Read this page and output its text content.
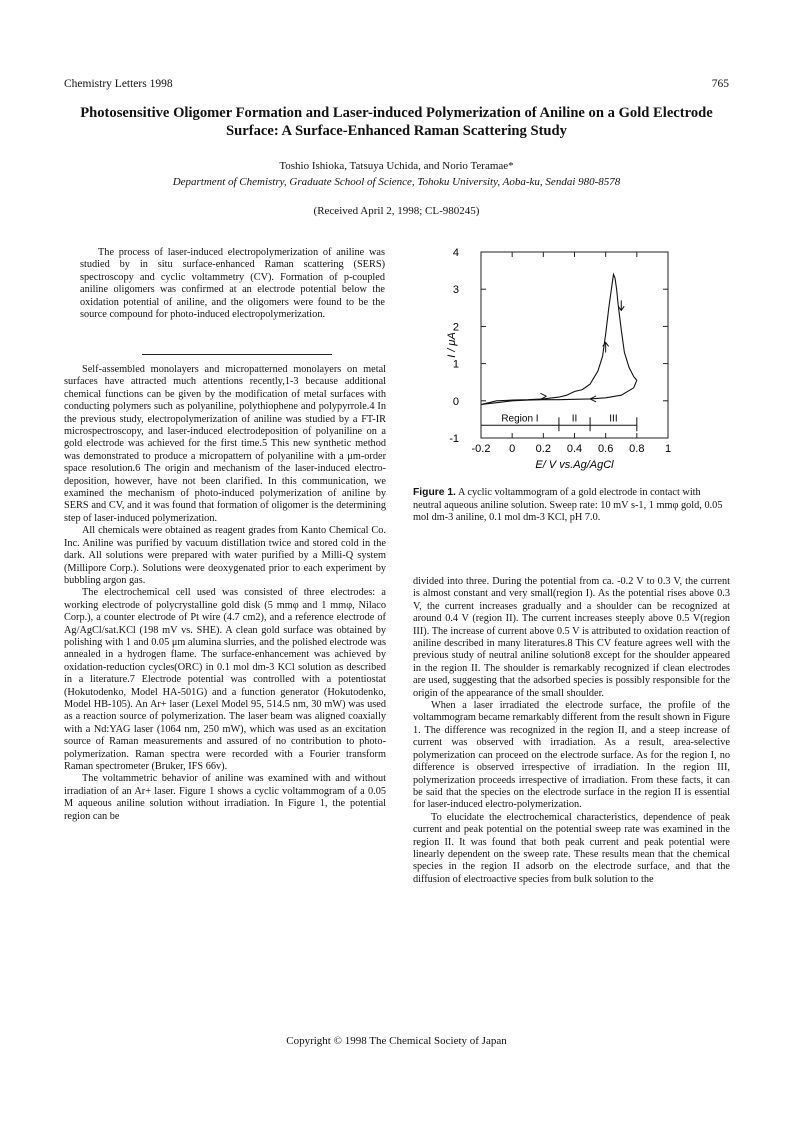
Chemistry Letters 1998	765
Photosensitive Oligomer Formation and Laser-induced Polymerization of Aniline on a Gold Electrode Surface: A Surface-Enhanced Raman Scattering Study
Toshio Ishioka, Tatsuya Uchida, and Norio Teramae*
Department of Chemistry, Graduate School of Science, Tohoku University, Aoba-ku, Sendai 980-8578
(Received April 2, 1998; CL-980245)

The process of laser-induced electropolymerization of aniline was studied by in situ surface-enhanced Raman scattering (SERS) spectroscopy and cyclic voltammetry (CV). Formation of p-coupled aniline oligomers was confirmed at an electrode potential below the oxidation potential of aniline, and the oligomers were found to be the source compound for photo-induced electropolymerization.

Self-assembled monolayers and micropatterned monolayers on metal surfaces have attracted much attentions recently,1-3 because additional chemical functions can be given by the modification of metal surfaces with conducting polymers such as polyaniline, polythiophene and polypyrrole.4 In the previous study, electropolymerization of aniline was studied by a FT-IR microspectroscopy, and laser-induced electrodeposition of polyaniline on a gold electrode was achieved for the first time.5 This new synthetic method was demonstrated to produce a micropattern of polyaniline with a μm-order space resolution.6 The origin and mechanism of the laser-induced electro-deposition, however, have not been clarified. In this communication, we examined the mechanism of photo-induced polymerization of aniline by SERS and CV, and it was found that formation of oligomer is the determining step of laser-induced polymerization.

All chemicals were obtained as reagent grades from Kanto Chemical Co. Inc. Aniline was purified by vacuum distillation twice and stored cold in the dark. All solutions were prepared with water purified by a Milli-Q system (Millipore Corp.). Solutions were deoxygenated prior to each experiment by bubbling argon gas.

The electrochemical cell used was consisted of three electrodes: a working electrode of polycrystalline gold disk (5 mmφ and 1 mmφ, Nilaco Corp.), a counter electrode of Pt wire (4.7 cm2), and a reference electrode of Ag/AgCl/sat.KCl (198 mV vs. SHE). A clean gold surface was obtained by polishing with 1 and 0.05 μm alumina slurries, and the polished electrode was annealed in a hydrogen flame. The surface-enhancement was achieved by oxidation-reduction cycles(ORC) in 0.1 mol dm-3 KCl solution as described in a literature.7 Electrode potential was controlled with a potentiostat (Hokutodenko, Model HA-501G) and a function generator (Hokutodenko, Model HB-105). An Ar+ laser (Lexel Model 95, 514.5 nm, 30 mW) was used as a reaction source of polymerization. The laser beam was aligned coaxially with a Nd:YAG laser (1064 nm, 250 mW), which was used as an excitation source of Raman measurements and assured of no contribution to photo-polymerization. Raman spectra were recorded with a Fourier transform Raman spectrometer (Bruker, IFS 66v).

The voltammetric behavior of aniline was examined with and without irradiation of an Ar+ laser. Figure 1 shows a cyclic voltammogram of a 0.05 M aqueous aniline solution without irradiation. In Figure 1, the potential region can be

-0.2 0 0.2 0.4 0.6 0.8 1
-1
0
1
2
3
4
E/ V vs.Ag/AgCl
I / μA
Region I	II	III
Figure 1. A cyclic voltammogram of a gold electrode in contact with neutral aqueous aniline solution. Sweep rate: 10 mV s-1, 1 mmφ gold, 0.05 mol dm-3 aniline, 0.1 mol dm-3 KCl, pH 7.0.

divided into three. During the potential from ca. -0.2 V to 0.3 V, the current is almost constant and very small(region I). As the potential rises above 0.3 V, the current increases gradually and a shoulder can be recognized at around 0.4 V (region II). The current increases steeply above 0.5 V(region III). The increase of current above 0.5 V is attributed to oxidation reaction of aniline described in many literatures.8 This CV feature agrees well with the previous study of neutral aniline solution8 except for the shoulder appeared in the region II. The shoulder is remarkably recognized if clean electrodes are used, suggesting that the adsorbed species is possibly responsible for the origin of the appearance of the small shoulder.

When a laser irradiated the electrode surface, the profile of the voltammogram became remarkably different from the result shown in Figure 1. The difference was recognized in the region II, and a steep increase of current was observed with irradiation. As a result, area-selective polymerization can proceed on the electrode surface. As for the region I, no difference is observed irrespective of irradiation. In the region III, polymerization proceeds irrespective of irradiation. From these facts, it can be said that the species on the electrode surface in the region II is essential for laser-induced electro-polymerization.

To elucidate the electrochemical characteristics, dependence of peak current and peak potential on the potential sweep rate was examined in the region II. It was found that both peak current and peak potential were linearly dependent on the sweep rate. These results mean that the chemical species in the region II adsorb on the electrode surface, and that the diffusion of electroactive species from bulk solution to the

Copyright © 1998 The Chemical Society of Japan
